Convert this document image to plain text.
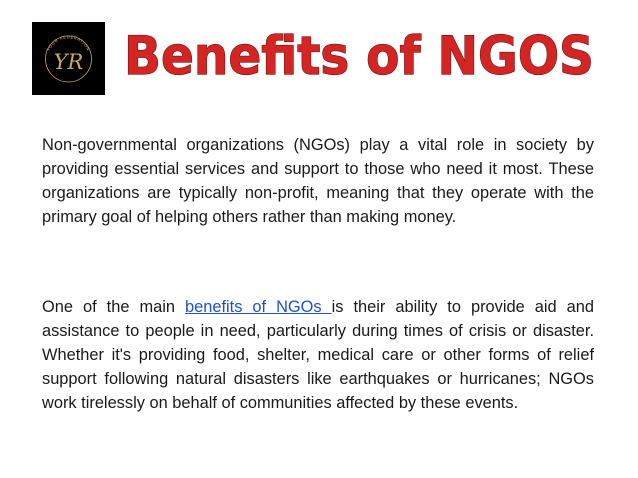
YOUR FEDERATION
YR Benefits of NGOS

Non-governmental organizations (NGOs) play a vital role in society by providing essential services and support to those who need it most. These organizations are typically non-profit, meaning that they operate with the primary goal of helping others rather than making money.

One of the main benefits of NGOs is their ability to provide aid and assistance to people in need, particularly during times of crisis or disaster. Whether it's providing food, shelter, medical care or other forms of relief support following natural disasters like earthquakes or hurricanes; NGOs work tirelessly on behalf of communities affected by these events.
